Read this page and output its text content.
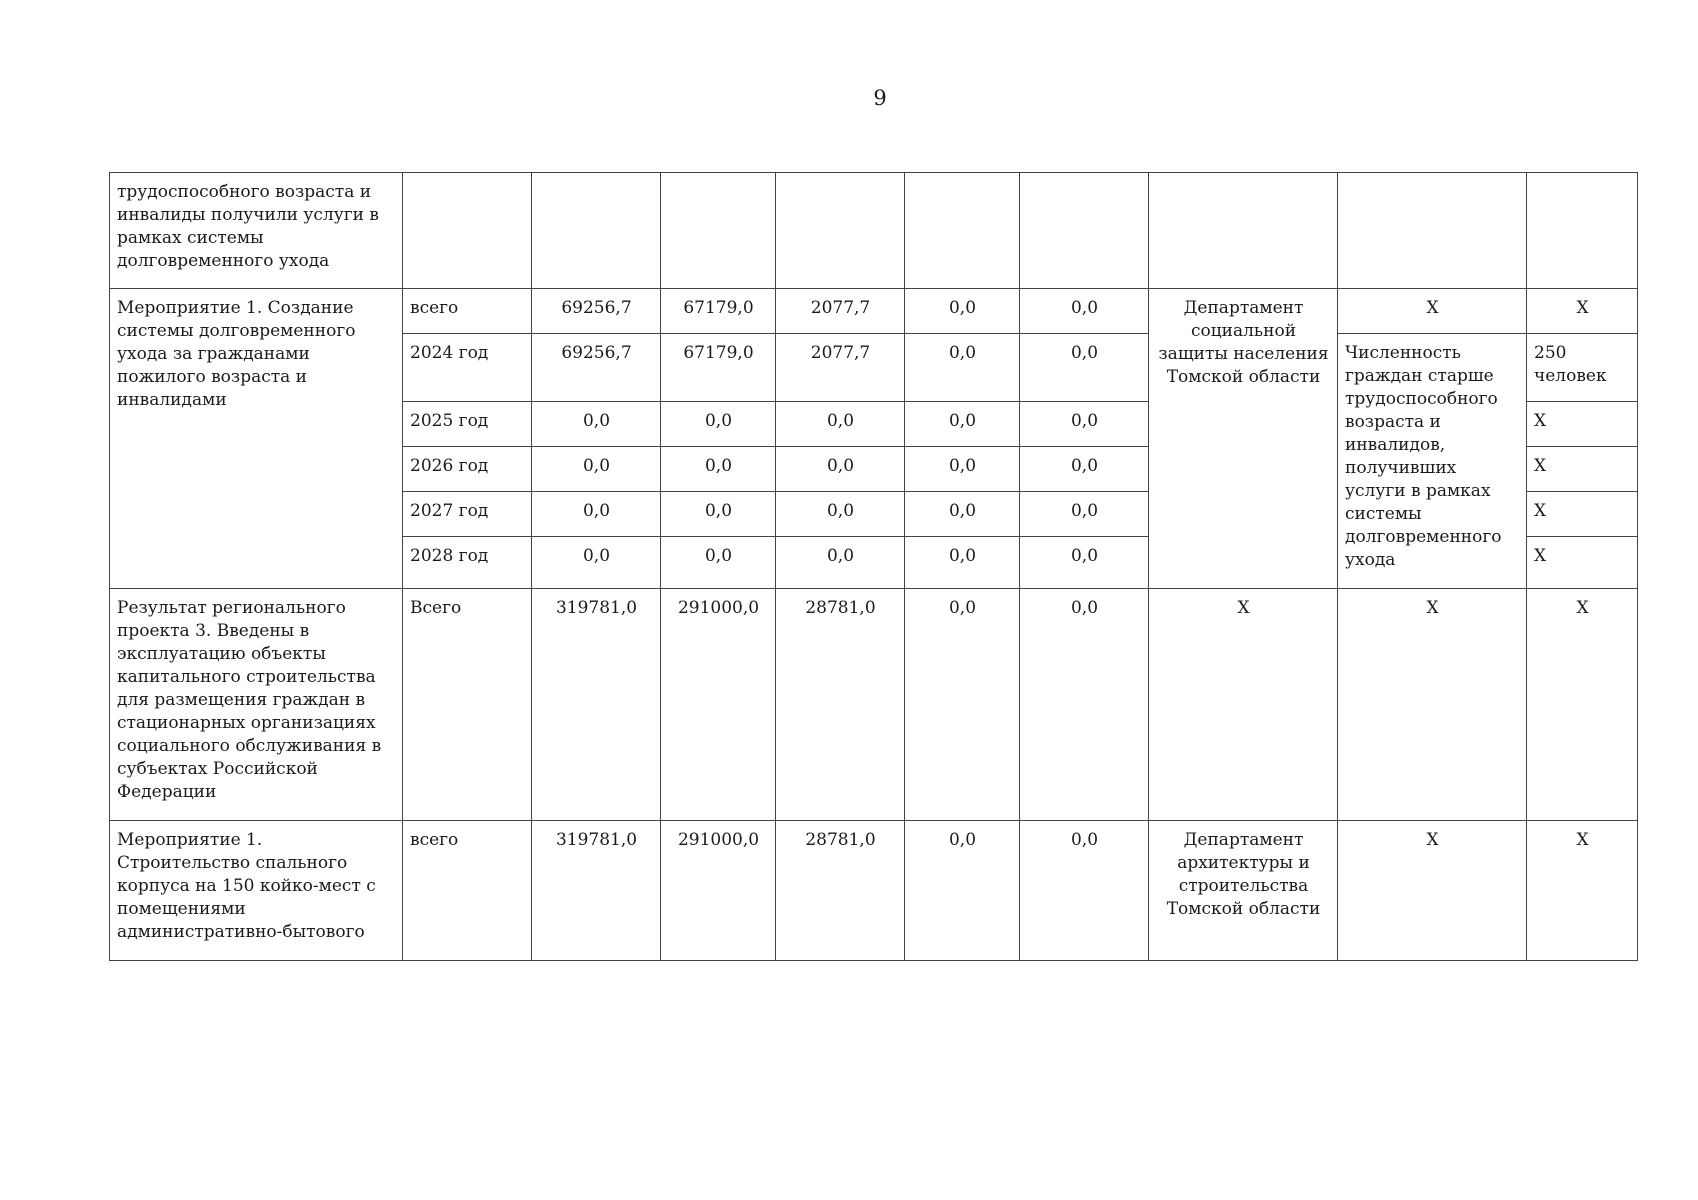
9
трудоспособного возраста и инвалиды получили услуги в рамках системы долговременного ухода									
Мероприятие 1. Создание системы долговременного ухода за гражданами пожилого возраста и инвалидами	всего	69256,7	67179,0	2077,7	0,0	0,0	Департамент социальной защиты населения Томской области	Х	Х
	2024 год	69256,7	67179,0	2077,7	0,0	0,0		Численность граждан старше трудоспособного возраста и инвалидов, получивших услуги в рамках системы долговременного ухода	250 человек
	2025 год	0,0	0,0	0,0	0,0	0,0			Х
	2026 год	0,0	0,0	0,0	0,0	0,0			Х
	2027 год	0,0	0,0	0,0	0,0	0,0			Х
	2028 год	0,0	0,0	0,0	0,0	0,0			Х
Результат регионального проекта 3. Введены в эксплуатацию объекты капитального строительства для размещения граждан в стационарных организациях социального обслуживания в субъектах Российской Федерации	Всего	319781,0	291000,0	28781,0	0,0	0,0	Х	Х	Х
Мероприятие 1. Строительство спального корпуса на 150 койко-мест с помещениями административно-бытового	всего	319781,0	291000,0	28781,0	0,0	0,0	Департамент архитектуры и строительства Томской области	Х	Х
